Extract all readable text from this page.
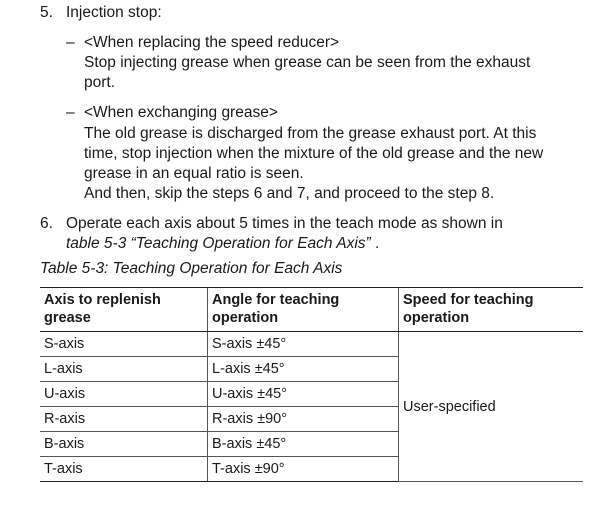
5. Injection stop:
– <When replacing the speed reducer>
Stop injecting grease when grease can be seen from the exhaust
port.
– <When exchanging grease>
The old grease is discharged from the grease exhaust port. At this
time, stop injection when the mixture of the old grease and the new
grease in an equal ratio is seen.
And then, skip the steps 6 and 7, and proceed to the step 8.
6. Operate each axis about 5 times in the teach mode as shown in
table 5-3 “Teaching Operation for Each Axis” .
Table 5-3: Teaching Operation for Each Axis
Axis to replenish
grease	Angle for teaching
operation	Speed for teaching
operation
S-axis	S-axis ±45°	User-specified
L-axis	L-axis ±45°	
U-axis	U-axis ±45°	
R-axis	R-axis ±90°	
B-axis	B-axis ±45°	
T-axis	T-axis ±90°	
